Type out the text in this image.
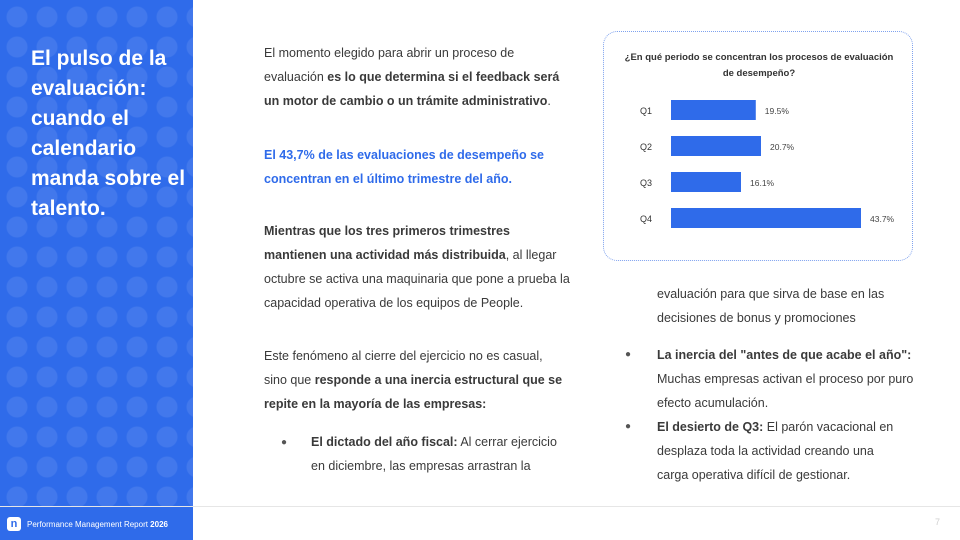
El pulso de la evaluación: cuando el calendario manda sobre el talento.
El momento elegido para abrir un proceso de evaluación es lo que determina si el feedback será un motor de cambio o un trámite administrativo.
El 43,7% de las evaluaciones de desempeño se concentran en el último trimestre del año.
Mientras que los tres primeros trimestres mantienen una actividad más distribuida, al llegar octubre se activa una maquinaria que pone a prueba la capacidad operativa de los equipos de People.
Este fenómeno al cierre del ejercicio no es casual, sino que responde a una inercia estructural que se repite en la mayoría de las empresas:
● El dictado del año fiscal: Al cerrar ejercicio en diciembre, las empresas arrastran la
¿En qué periodo se concentran los procesos de evaluación de desempeño?
Q1	19.5%
Q2	20.7%
Q3	16.1%
Q4	43.7%
evaluación para que sirva de base en las decisiones de bonus y promociones
● La inercia del "antes de que acabe el año": Muchas empresas activan el proceso por puro efecto acumulación.
● El desierto de Q3: El parón vacacional en desplaza toda la actividad creando una carga operativa difícil de gestionar.
n	Performance Management Report 2026	7
